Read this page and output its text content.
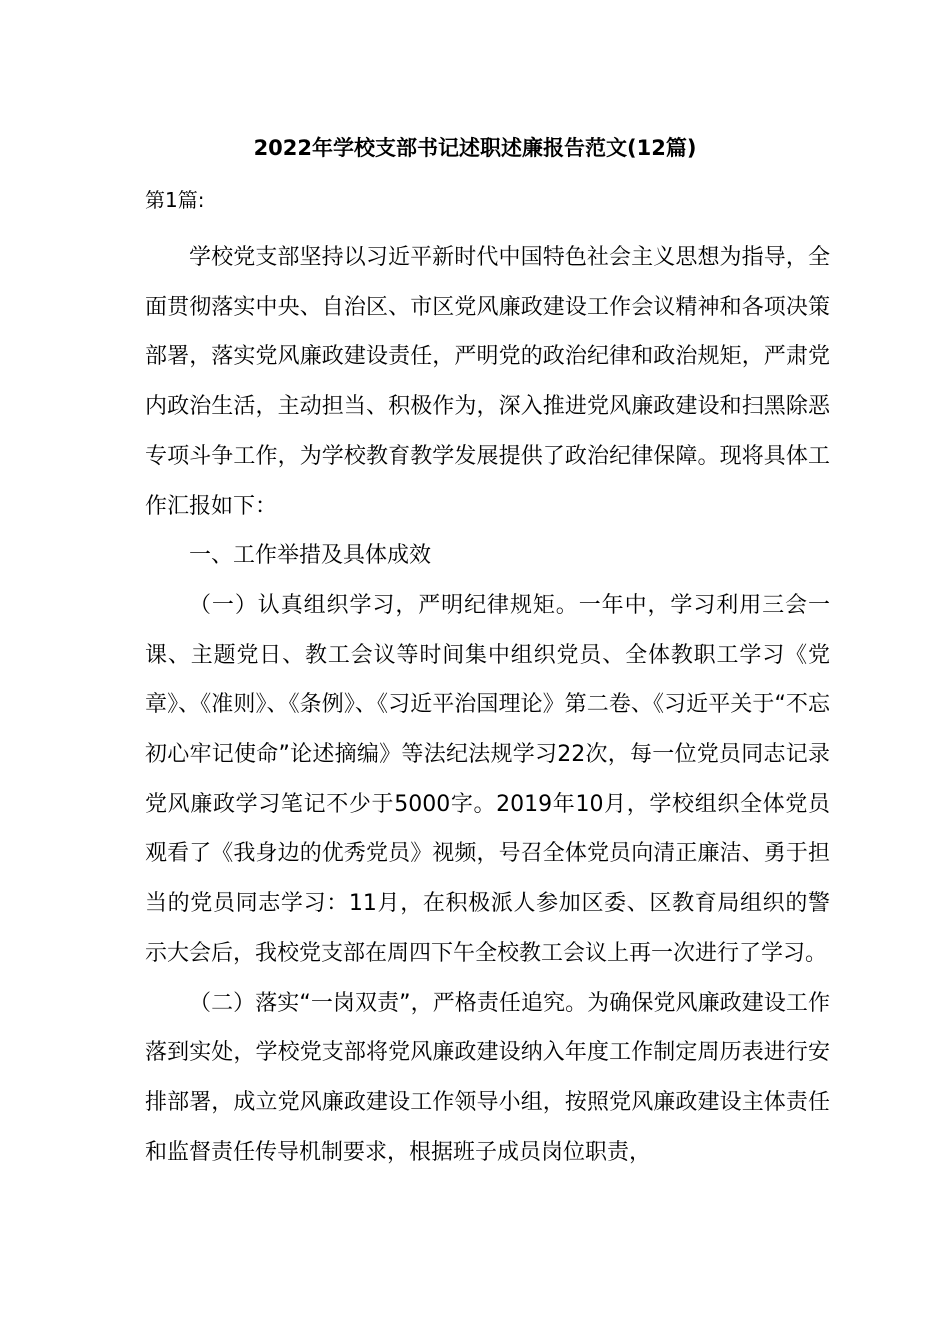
2022年学校支部书记述职述廉报告范文(12篇)
第1篇:

学校党支部坚持以习近平新时代中国特色社会主义思想为指导，全面贯彻落实中央、自治区、市区党风廉政建设工作会议精神和各项决策部署，落实党风廉政建设责任，严明党的政治纪律和政治规矩，严肃党内政治生活，主动担当、积极作为，深入推进党风廉政建设和扫黑除恶专项斗争工作，为学校教育教学发展提供了政治纪律保障。现将具体工作汇报如下：

一、工作举措及具体成效

（一）认真组织学习，严明纪律规矩。一年中，学习利用三会一课、主题党日、教工会议等时间集中组织党员、全体教职工学习《党章》、《准则》、《条例》、《习近平治国理论》第二卷、《习近平关于“不忘初心牢记使命”论述摘编》等法纪法规学习22次，每一位党员同志记录党风廉政学习笔记不少于5000字。2019年10月，学校组织全体党员观看了《我身边的优秀党员》视频，号召全体党员向清正廉洁、勇于担当的党员同志学习：11月，在积极派人参加区委、区教育局组织的警示大会后，我校党支部在周四下午全校教工会议上再一次进行了学习。

（二）落实“一岗双责”，严格责任追究。为确保党风廉政建设工作落到实处，学校党支部将党风廉政建设纳入年度工作制定周历表进行安排部署，成立党风廉政建设工作领导小组，按照党风廉政建设主体责任和监督责任传导机制要求，根据班子成员岗位职责，
